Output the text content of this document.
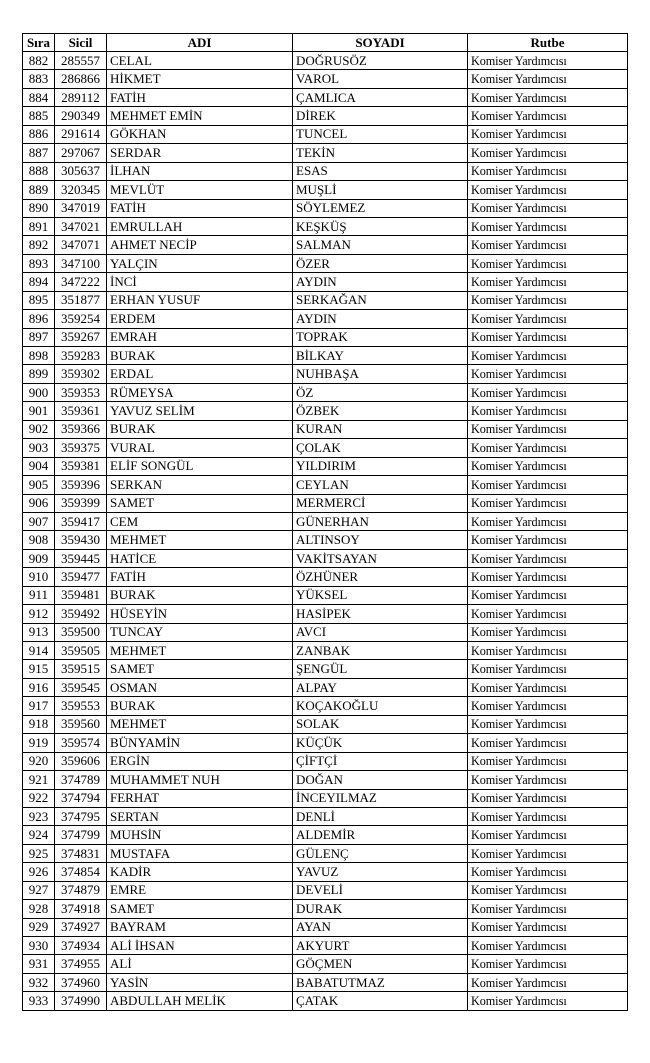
Sıra	Sicil	ADI	SOYADI	Rutbe
882	285557	CELAL	DOĞRUSÖZ	Komiser Yardımcısı
883	286866	HİKMET	VAROL	Komiser Yardımcısı
884	289112	FATİH	ÇAMLICA	Komiser Yardımcısı
885	290349	MEHMET EMİN	DİREK	Komiser Yardımcısı
886	291614	GÖKHAN	TUNCEL	Komiser Yardımcısı
887	297067	SERDAR	TEKİN	Komiser Yardımcısı
888	305637	İLHAN	ESAS	Komiser Yardımcısı
889	320345	MEVLÜT	MUŞLİ	Komiser Yardımcısı
890	347019	FATİH	SÖYLEMEZ	Komiser Yardımcısı
891	347021	EMRULLAH	KEŞKÜŞ	Komiser Yardımcısı
892	347071	AHMET NECİP	SALMAN	Komiser Yardımcısı
893	347100	YALÇIN	ÖZER	Komiser Yardımcısı
894	347222	İNCİ	AYDIN	Komiser Yardımcısı
895	351877	ERHAN YUSUF	SERKAĞAN	Komiser Yardımcısı
896	359254	ERDEM	AYDIN	Komiser Yardımcısı
897	359267	EMRAH	TOPRAK	Komiser Yardımcısı
898	359283	BURAK	BİLKAY	Komiser Yardımcısı
899	359302	ERDAL	NUHBAŞA	Komiser Yardımcısı
900	359353	RÜMEYSA	ÖZ	Komiser Yardımcısı
901	359361	YAVUZ SELİM	ÖZBEK	Komiser Yardımcısı
902	359366	BURAK	KURAN	Komiser Yardımcısı
903	359375	VURAL	ÇOLAK	Komiser Yardımcısı
904	359381	ELİF SONGÜL	YILDIRIM	Komiser Yardımcısı
905	359396	SERKAN	CEYLAN	Komiser Yardımcısı
906	359399	SAMET	MERMERCİ	Komiser Yardımcısı
907	359417	CEM	GÜNERHAN	Komiser Yardımcısı
908	359430	MEHMET	ALTINSOY	Komiser Yardımcısı
909	359445	HATİCE	VAKİTSAYAN	Komiser Yardımcısı
910	359477	FATİH	ÖZHÜNER	Komiser Yardımcısı
911	359481	BURAK	YÜKSEL	Komiser Yardımcısı
912	359492	HÜSEYİN	HASİPEK	Komiser Yardımcısı
913	359500	TUNCAY	AVCI	Komiser Yardımcısı
914	359505	MEHMET	ZANBAK	Komiser Yardımcısı
915	359515	SAMET	ŞENGÜL	Komiser Yardımcısı
916	359545	OSMAN	ALPAY	Komiser Yardımcısı
917	359553	BURAK	KOÇAKOĞLU	Komiser Yardımcısı
918	359560	MEHMET	SOLAK	Komiser Yardımcısı
919	359574	BÜNYAMİN	KÜÇÜK	Komiser Yardımcısı
920	359606	ERGİN	ÇİFTÇİ	Komiser Yardımcısı
921	374789	MUHAMMET NUH	DOĞAN	Komiser Yardımcısı
922	374794	FERHAT	İNCEYILMAZ	Komiser Yardımcısı
923	374795	SERTAN	DENLİ	Komiser Yardımcısı
924	374799	MUHSİN	ALDEMİR	Komiser Yardımcısı
925	374831	MUSTAFA	GÜLENÇ	Komiser Yardımcısı
926	374854	KADİR	YAVUZ	Komiser Yardımcısı
927	374879	EMRE	DEVELİ	Komiser Yardımcısı
928	374918	SAMET	DURAK	Komiser Yardımcısı
929	374927	BAYRAM	AYAN	Komiser Yardımcısı
930	374934	ALİ İHSAN	AKYURT	Komiser Yardımcısı
931	374955	ALİ	GÖÇMEN	Komiser Yardımcısı
932	374960	YASİN	BABATUTMAZ	Komiser Yardımcısı
933	374990	ABDULLAH MELİK	ÇATAK	Komiser Yardımcısı
